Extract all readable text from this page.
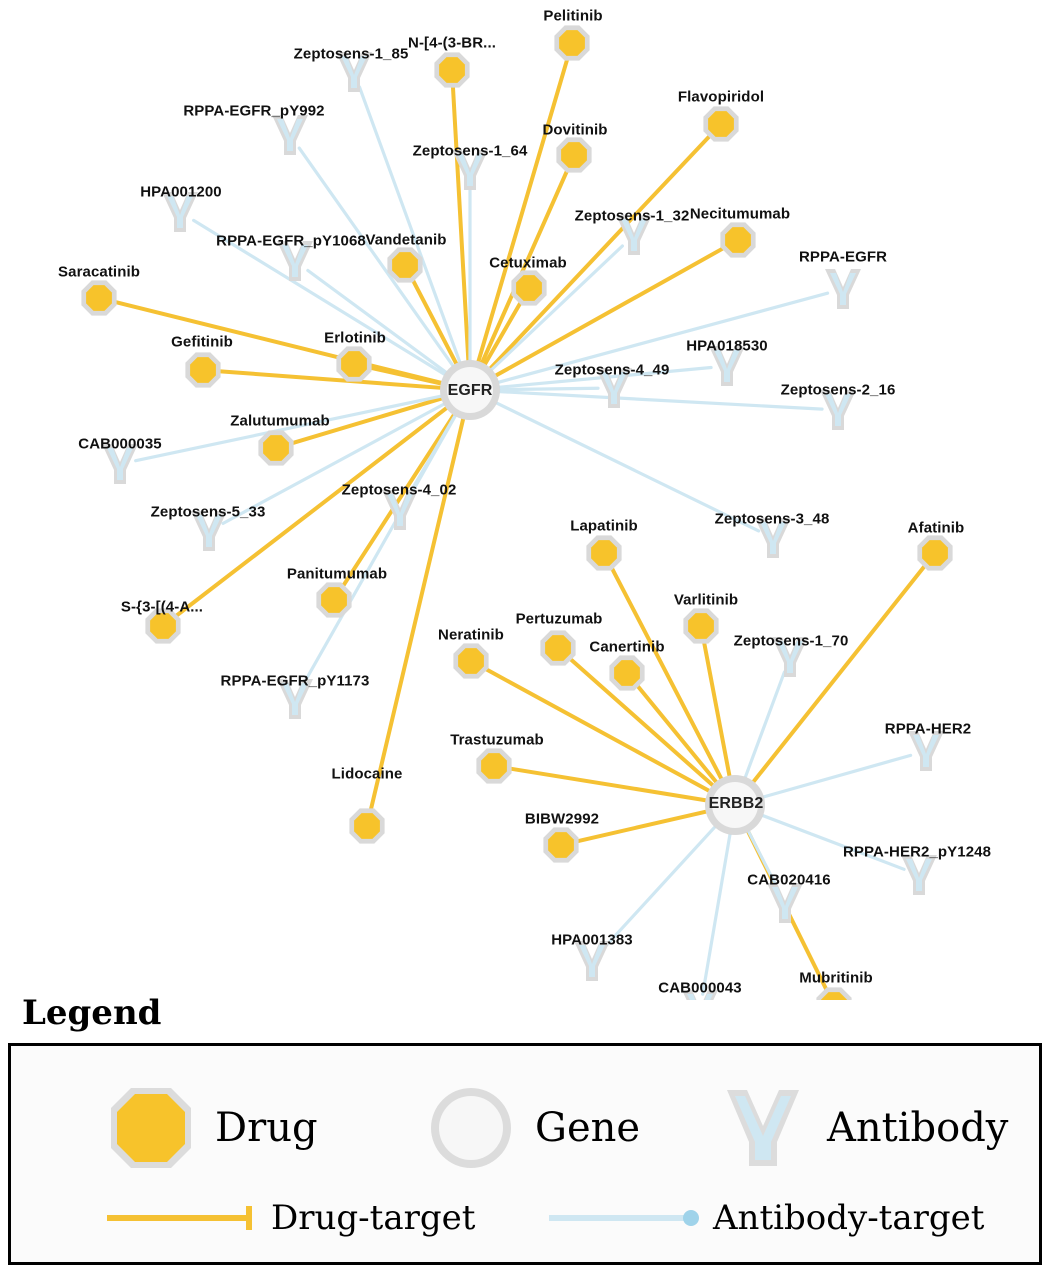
Pelitinib
N-[4-(3-BR...
Flavopiridol
Dovitinib
Necitumumab
Vandetanib
Cetuximab
Saracatinib
Gefitinib	Erlotinib
Zalutumumab
Afatinib
Lapatinib
Panitumumab
Varlitinib
S-{3-[(4-A...
Pertuzumab
Neratinib
Canertinib
Trastuzumab
Lidocaine
BIBW2992
Mubritinib
Zeptosens-1_85
RPPA-EGFR_pY992
Zeptosens-1_64
HPA001200
Zeptosens-1_32
RPPA-EGFR_pY1068
RPPA-EGFR
HPA018530
Zeptosens-4_49
Zeptosens-2_16
CAB000035
Zeptosens-4_02
Zeptosens-5_33	Zeptosens-3_48
Zeptosens-1_70
RPPA-EGFR_pY1173
RPPA-HER2
RPPA-HER2_pY1248
CAB020416
HPA001383
CAB000043
EGFR
ERBB2
Legend
Drug	Gene	Antibody
Drug-target	Antibody-target
